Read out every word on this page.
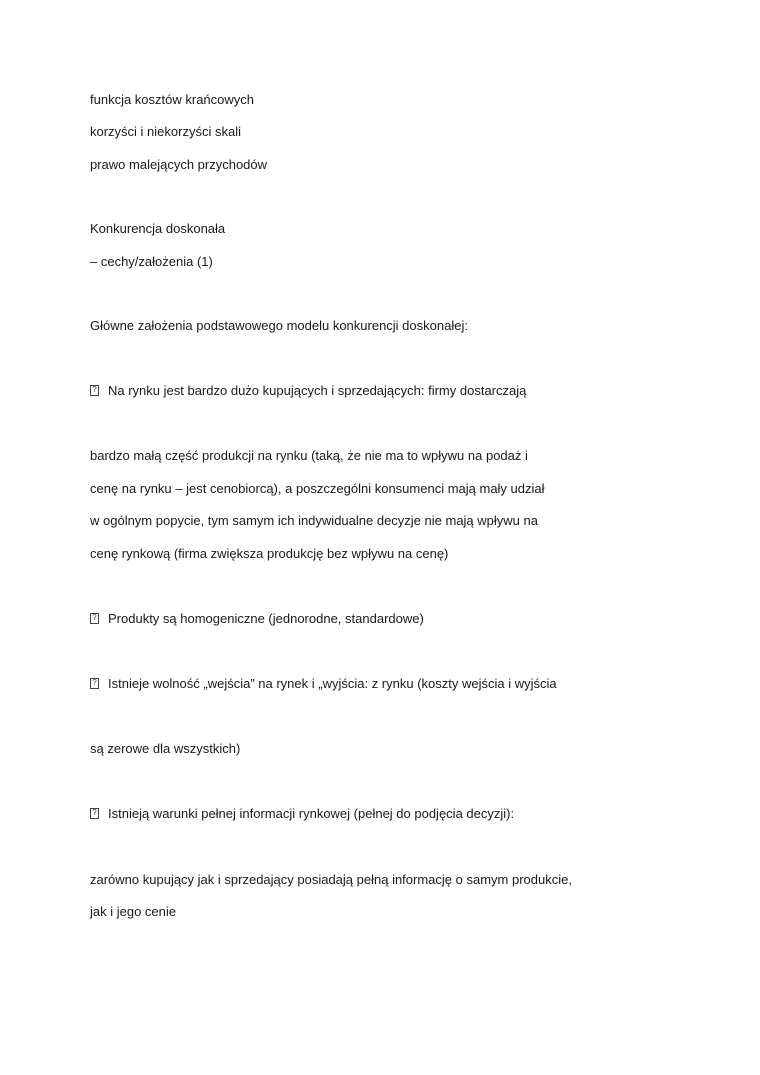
funkcja kosztów krańcowych
korzyści i niekorzyści skali
prawo malejących przychodów
Konkurencja doskonała
– cechy/założenia (1)
Główne założenia podstawowego modelu konkurencji doskonałej:
?Na rynku jest bardzo dużo kupujących i sprzedających: firmy dostarczają
bardzo małą część produkcji na rynku (taką, że nie ma to wpływu na podaż i
cenę na rynku – jest cenobiorcą), a poszczególni konsumenci mają mały udział
w ogólnym popycie, tym samym ich indywidualne decyzje nie mają wpływu na
cenę rynkową (firma zwiększa produkcję bez wpływu na cenę)
?Produkty są homogeniczne (jednorodne, standardowe)
?Istnieje wolność „wejścia” na rynek i „wyjścia: z rynku (koszty wejścia i wyjścia
są zerowe dla wszystkich)
?Istnieją warunki pełnej informacji rynkowej (pełnej do podjęcia decyzji):
zarówno kupujący jak i sprzedający posiadają pełną informację o samym produkcie,
jak i jego cenie
